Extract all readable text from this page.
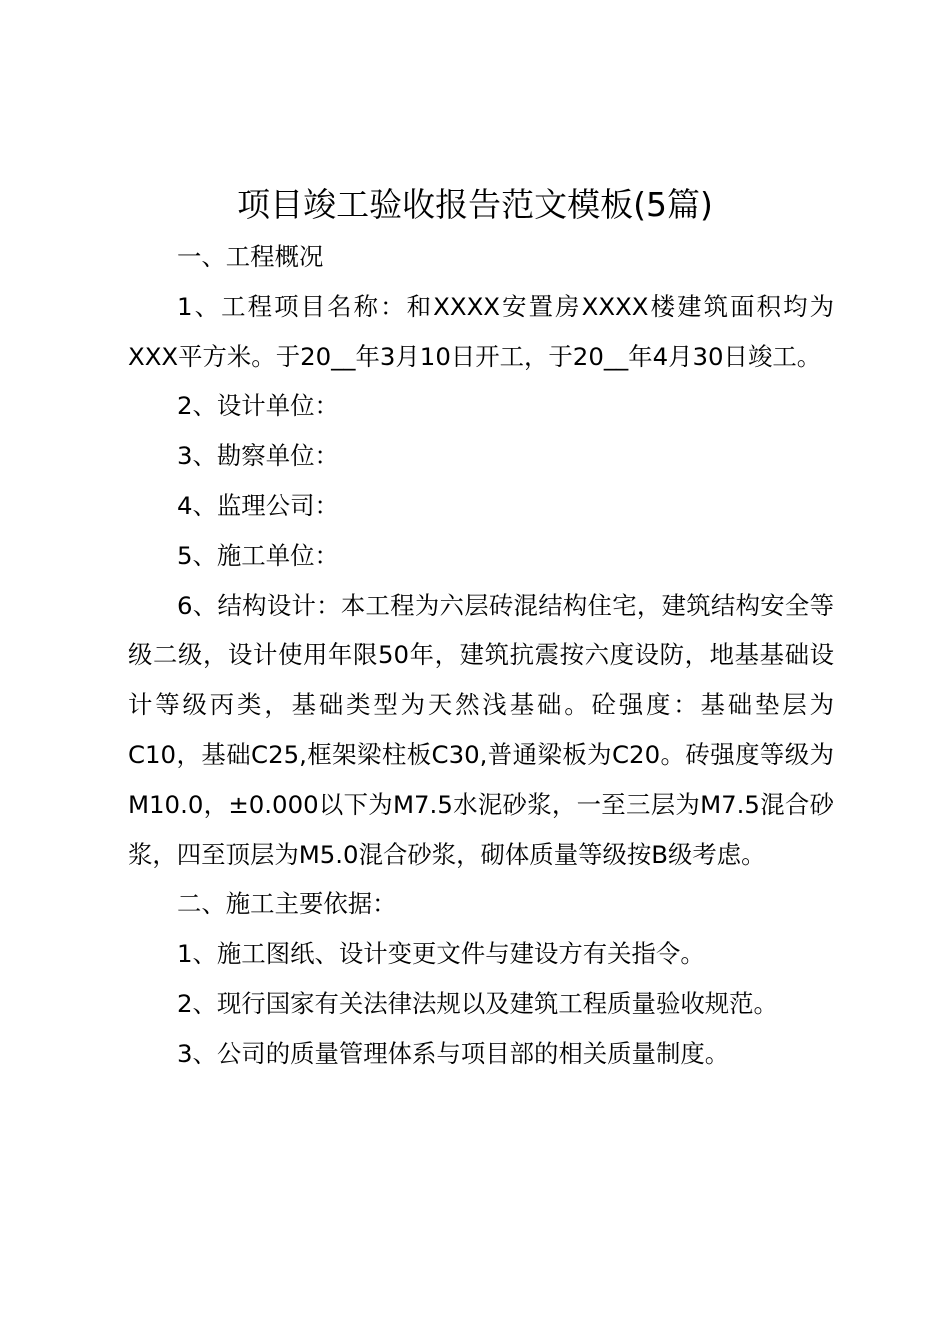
项目竣工验收报告范文模板(5篇)

一、工程概况

1、工程项目名称：和XXXX安置房XXXX楼建筑面积均为XXX平方米。于20__年3月10日开工，于20__年4月30日竣工。

2、设计单位：

3、勘察单位：

4、监理公司：

5、施工单位：

6、结构设计：本工程为六层砖混结构住宅，建筑结构安全等级二级，设计使用年限50年，建筑抗震按六度设防，地基基础设计等级丙类，基础类型为天然浅基础。砼强度：基础垫层为C10，基础C25,框架梁柱板C30,普通梁板为C20。砖强度等级为M10.0，±0.000以下为M7.5水泥砂浆，一至三层为M7.5混合砂浆，四至顶层为M5.0混合砂浆，砌体质量等级按B级考虑。

二、施工主要依据：

1、施工图纸、设计变更文件与建设方有关指令。

2、现行国家有关法律法规以及建筑工程质量验收规范。

3、公司的质量管理体系与项目部的相关质量制度。
